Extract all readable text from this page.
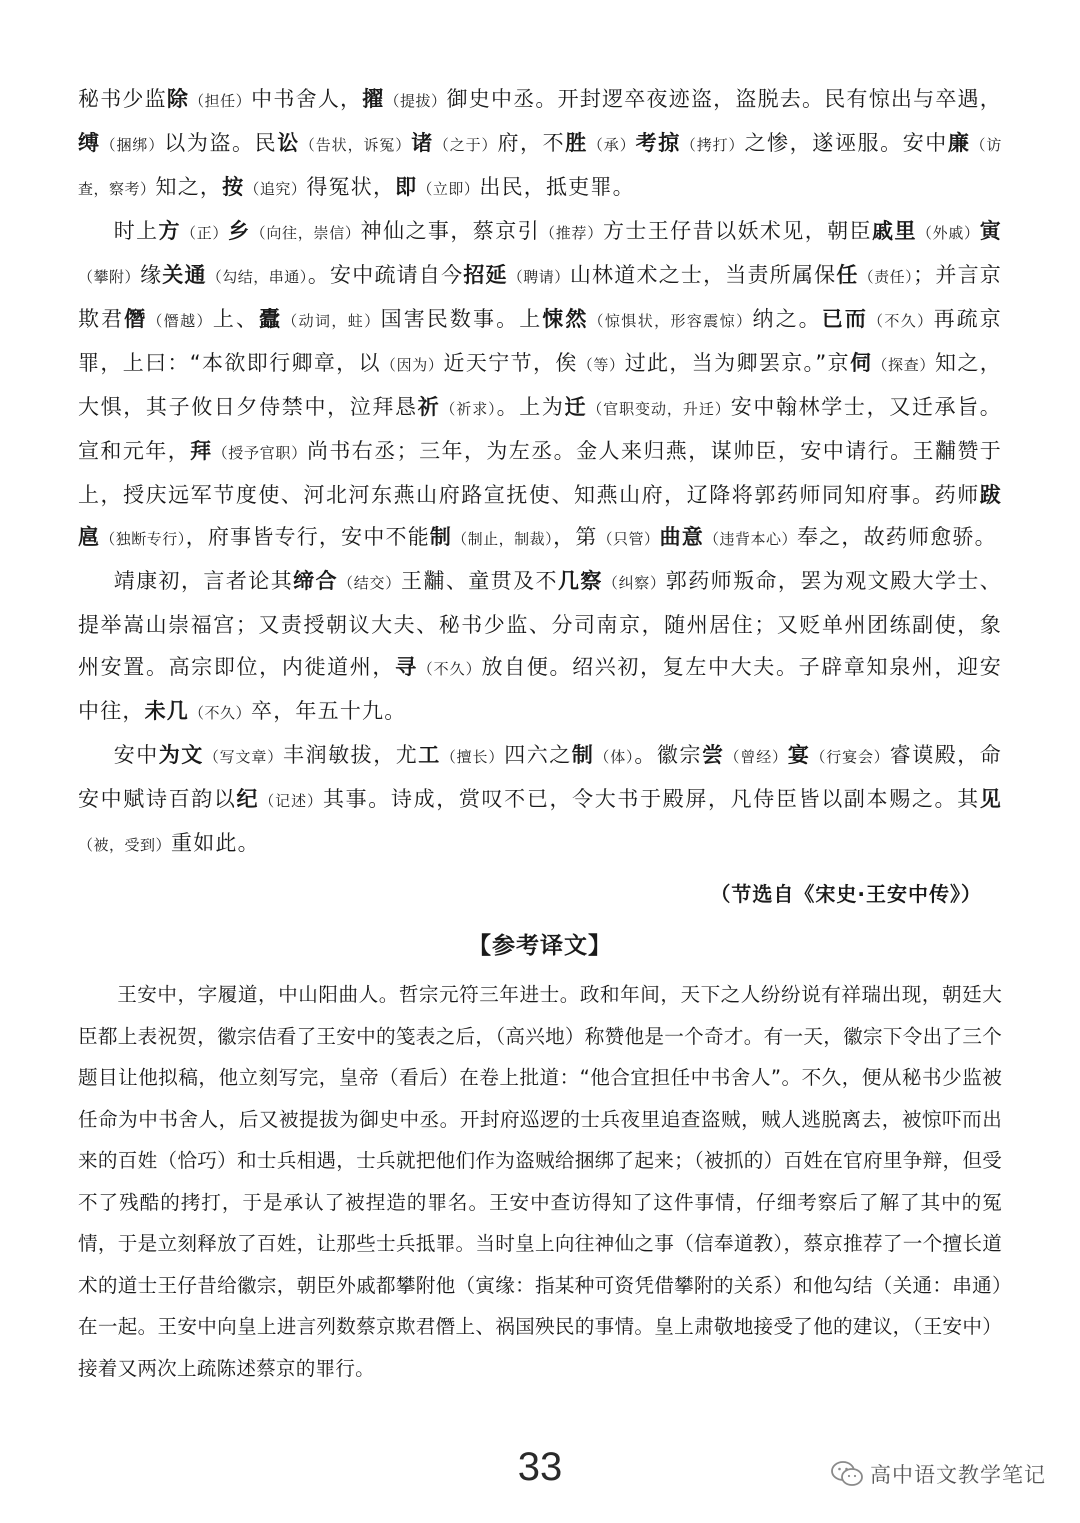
秘书少监除（担任）中书舍人，擢（提拔）御史中丞。开封逻卒夜迹盗，盗脱去。民有惊出与卒遇，缚（捆绑）以为盗。民讼（告状，诉冤）诸（之于）府，不胜（承）考掠（拷打）之惨，遂诬服。安中廉（访查，察考）知之，按（追究）得冤状，即（立即）出民，抵吏罪。

时上方（正）乡（向往，崇信）神仙之事，蔡京引（推荐）方士王仔昔以妖术见，朝臣戚里（外戚）寅（攀附）缘关通（勾结，串通）。安中疏请自今招延（聘请）山林道术之士，当责所属保任（责任）；并言京欺君僭（僭越）上、蠹（动词，蛀）国害民数事。上悚然（惊惧状，形容震惊）纳之。已而（不久）再疏京罪，上曰：“本欲即行卿章，以（因为）近天宁节，俟（等）过此，当为卿罢京。”京伺（探查）知之，大惧，其子攸日夕侍禁中，泣拜恳祈（祈求）。上为迁（官职变动，升迁）安中翰林学士，又迁承旨。宣和元年，拜（授予官职）尚书右丞；三年，为左丞。金人来归燕，谋帅臣，安中请行。王黼赞于上，授庆远军节度使、河北河东燕山府路宣抚使、知燕山府，辽降将郭药师同知府事。药师跋扈（独断专行），府事皆专行，安中不能制（制止，制裁），第（只管）曲意（违背本心）奉之，故药师愈骄。

靖康初，言者论其缔合（结交）王黼、童贯及不几察（纠察）郭药师叛命，罢为观文殿大学士、提举嵩山崇福宫；又责授朝议大夫、秘书少监、分司南京，随州居住；又贬单州团练副使，象州安置。高宗即位，内徙道州，寻（不久）放自便。绍兴初，复左中大夫。子辟章知泉州，迎安中往，未几（不久）卒，年五十九。

安中为文（写文章）丰润敏拔，尤工（擅长）四六之制（体）。徽宗尝（曾经）宴（行宴会）睿谟殿，命安中赋诗百韵以纪（记述）其事。诗成，赏叹不已，令大书于殿屏，凡侍臣皆以副本赐之。其见（被，受到）重如此。

（节选自《宋史·王安中传》）

【参考译文】

王安中，字履道，中山阳曲人。哲宗元符三年进士。政和年间，天下之人纷纷说有祥瑞出现，朝廷大臣都上表祝贺，徽宗佶看了王安中的笺表之后，（高兴地）称赞他是一个奇才。有一天，徽宗下令出了三个题目让他拟稿，他立刻写完，皇帝（看后）在卷上批道：“他合宜担任中书舍人”。不久，便从秘书少监被任命为中书舍人，后又被提拔为御史中丞。开封府巡逻的士兵夜里追查盗贼，贼人逃脱离去，被惊吓而出来的百姓（恰巧）和士兵相遇，士兵就把他们作为盗贼给捆绑了起来；（被抓的）百姓在官府里争辩，但受不了残酷的拷打，于是承认了被捏造的罪名。王安中查访得知了这件事情，仔细考察后了解了其中的冤情，于是立刻释放了百姓，让那些士兵抵罪。当时皇上向往神仙之事（信奉道教），蔡京推荐了一个擅长道术的道士王仔昔给徽宗，朝臣外戚都攀附他（寅缘：指某种可资凭借攀附的关系）和他勾结（关通：串通）在一起。王安中向皇上进言列数蔡京欺君僭上、祸国殃民的事情。皇上肃敬地接受了他的建议，（王安中）接着又两次上疏陈述蔡京的罪行。

33	高中语文教学笔记
